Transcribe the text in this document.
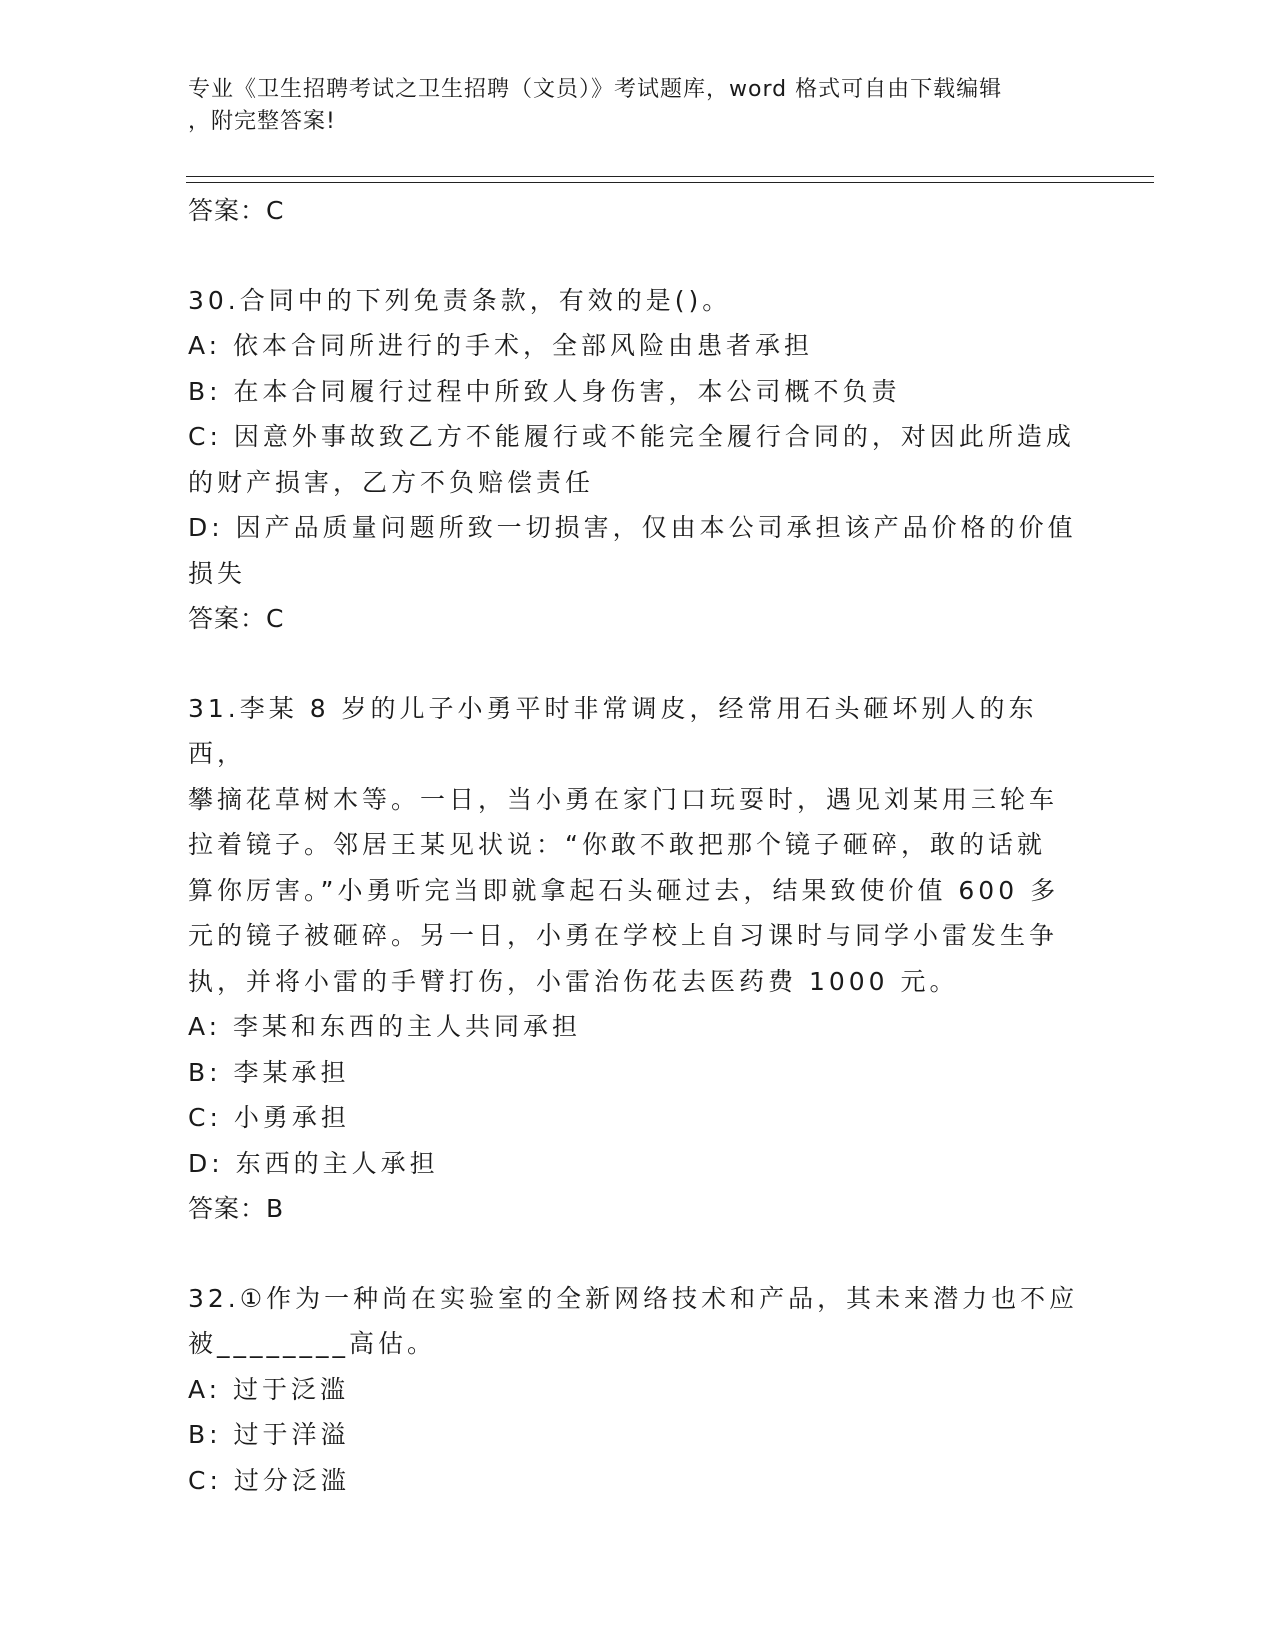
专业《卫生招聘考试之卫生招聘（文员）》考试题库，word 格式可自由下载编辑
，附完整答案!

答案：C

30.合同中的下列免责条款，有效的是()。

A: 依本合同所进行的手术，全部风险由患者承担

B: 在本合同履行过程中所致人身伤害，本公司概不负责

C: 因意外事故致乙方不能履行或不能完全履行合同的，对因此所造成

的财产损害，乙方不负赔偿责任

D: 因产品质量问题所致一切损害，仅由本公司承担该产品价格的价值

损失

答案：C

31.李某 8 岁的儿子小勇平时非常调皮，经常用石头砸坏别人的东西，

攀摘花草树木等。一日，当小勇在家门口玩耍时，遇见刘某用三轮车

拉着镜子。邻居王某见状说：“你敢不敢把那个镜子砸碎，敢的话就

算你厉害。”小勇听完当即就拿起石头砸过去，结果致使价值 600 多

元的镜子被砸碎。另一日，小勇在学校上自习课时与同学小雷发生争

执，并将小雷的手臂打伤，小雷治伤花去医药费 1000 元。

A: 李某和东西的主人共同承担

B: 李某承担

C: 小勇承担

D: 东西的主人承担

答案：B

32.①作为一种尚在实验室的全新网络技术和产品，其未来潜力也不应

被________高估。

A: 过于泛滥

B: 过于洋溢

C: 过分泛滥
